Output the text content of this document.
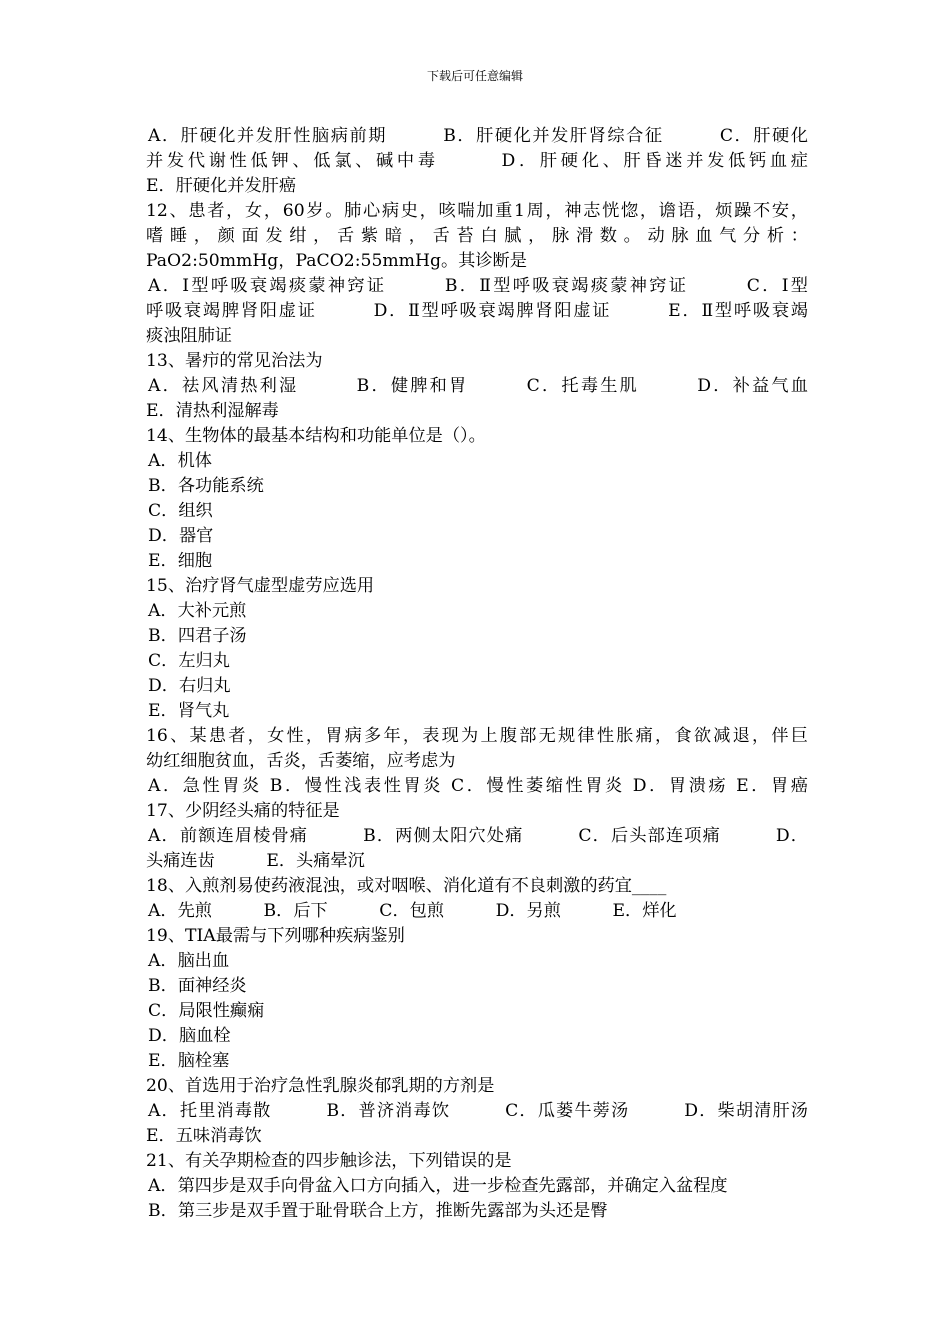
下载后可任意编辑
A．肝硬化并发肝性脑病前期　　　B．肝硬化并发肝肾综合征　　　C．肝硬化
并发代谢性低钾、低氯、碱中毒　　　D．肝硬化、肝昏迷并发低钙血症
E．肝硬化并发肝癌
12、患者，女，60岁。肺心病史，咳喘加重1周，神志恍惚，谵语，烦躁不安，
嗜睡，颜面发绀，舌紫暗，舌苔白腻，脉滑数。动脉血气分析：
PaO2:50mmHg，PaCO2:55mmHg。其诊断是
A．Ⅰ型呼吸衰竭痰蒙神窍证　　　B．Ⅱ型呼吸衰竭痰蒙神窍证　　　C．Ⅰ型
呼吸衰竭脾肾阳虚证　　　D．Ⅱ型呼吸衰竭脾肾阳虚证　　　E．Ⅱ型呼吸衰竭
痰浊阻肺证
13、暑疖的常见治法为
A．祛风清热利湿　　　B．健脾和胃　　　C．托毒生肌　　　D．补益气血
E．清热利湿解毒
14、生物体的最基本结构和功能单位是（）。
A．机体
B．各功能系统
C．组织
D．器官
E．细胞
15、治疗肾气虚型虚劳应选用
A．大补元煎
B．四君子汤
C．左归丸
D．右归丸
E．肾气丸
16、某患者，女性，胃病多年，表现为上腹部无规律性胀痛，食欲减退，伴巨
幼红细胞贫血，舌炎，舌萎缩，应考虑为
A．急性胃炎 B．慢性浅表性胃炎 C．慢性萎缩性胃炎 D．胃溃疡 E．胃癌
17、少阴经头痛的特征是
A．前额连眉棱骨痛　　　B．两侧太阳穴处痛　　　C．后头部连项痛　　　D．
头痛连齿　　　E．头痛晕沉
18、入煎剂易使药液混浊，或对咽喉、消化道有不良刺激的药宜____
A．先煎　　　B．后下　　　C．包煎　　　D．另煎　　　E．烊化
19、TIA最需与下列哪种疾病鉴别
A．脑出血
B．面神经炎
C．局限性癫痫
D．脑血栓
E．脑栓塞
20、首选用于治疗急性乳腺炎郁乳期的方剂是
A．托里消毒散　　　B．普济消毒饮　　　C．瓜蒌牛蒡汤　　　D．柴胡清肝汤
E．五味消毒饮
21、有关孕期检查的四步触诊法，下列错误的是
A．第四步是双手向骨盆入口方向插入，进一步检查先露部，并确定入盆程度
B．第三步是双手置于耻骨联合上方，推断先露部为头还是臀
